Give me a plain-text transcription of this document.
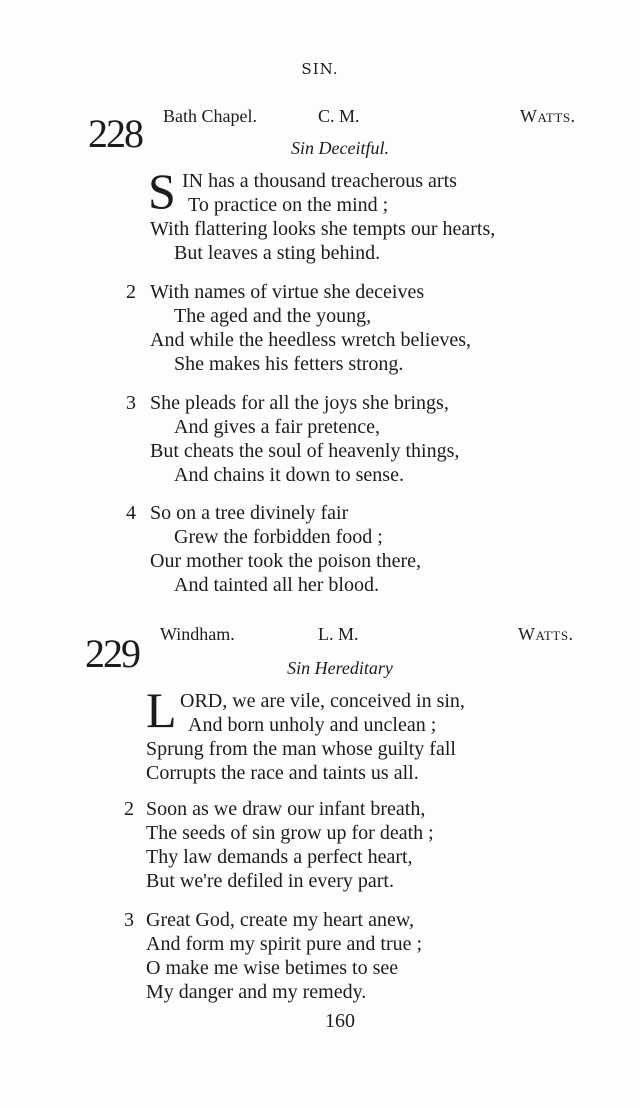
SIN.
228 Bath Chapel.	C. M.	Watts.
Sin Deceitful.
S IN has a thousand treacherous arts
To practice on the mind ;
With flattering looks she tempts our hearts,
But leaves a sting behind.
2 With names of virtue she deceives
The aged and the young,
And while the heedless wretch believes,
She makes his fetters strong.
3 She pleads for all the joys she brings,
And gives a fair pretence,
But cheats the soul of heavenly things,
And chains it down to sense.
4 So on a tree divinely fair
Grew the forbidden food ;
Our mother took the poison there,
And tainted all her blood.
229 Windham.	L. M.	Watts.
Sin Hereditary
L ORD, we are vile, conceived in sin,
And born unholy and unclean ;
Sprung from the man whose guilty fall
Corrupts the race and taints us all.
2 Soon as we draw our infant breath,
The seeds of sin grow up for death ;
Thy law demands a perfect heart,
But we're defiled in every part.
3 Great God, create my heart anew,
And form my spirit pure and true ;
O make me wise betimes to see
My danger and my remedy.
160
